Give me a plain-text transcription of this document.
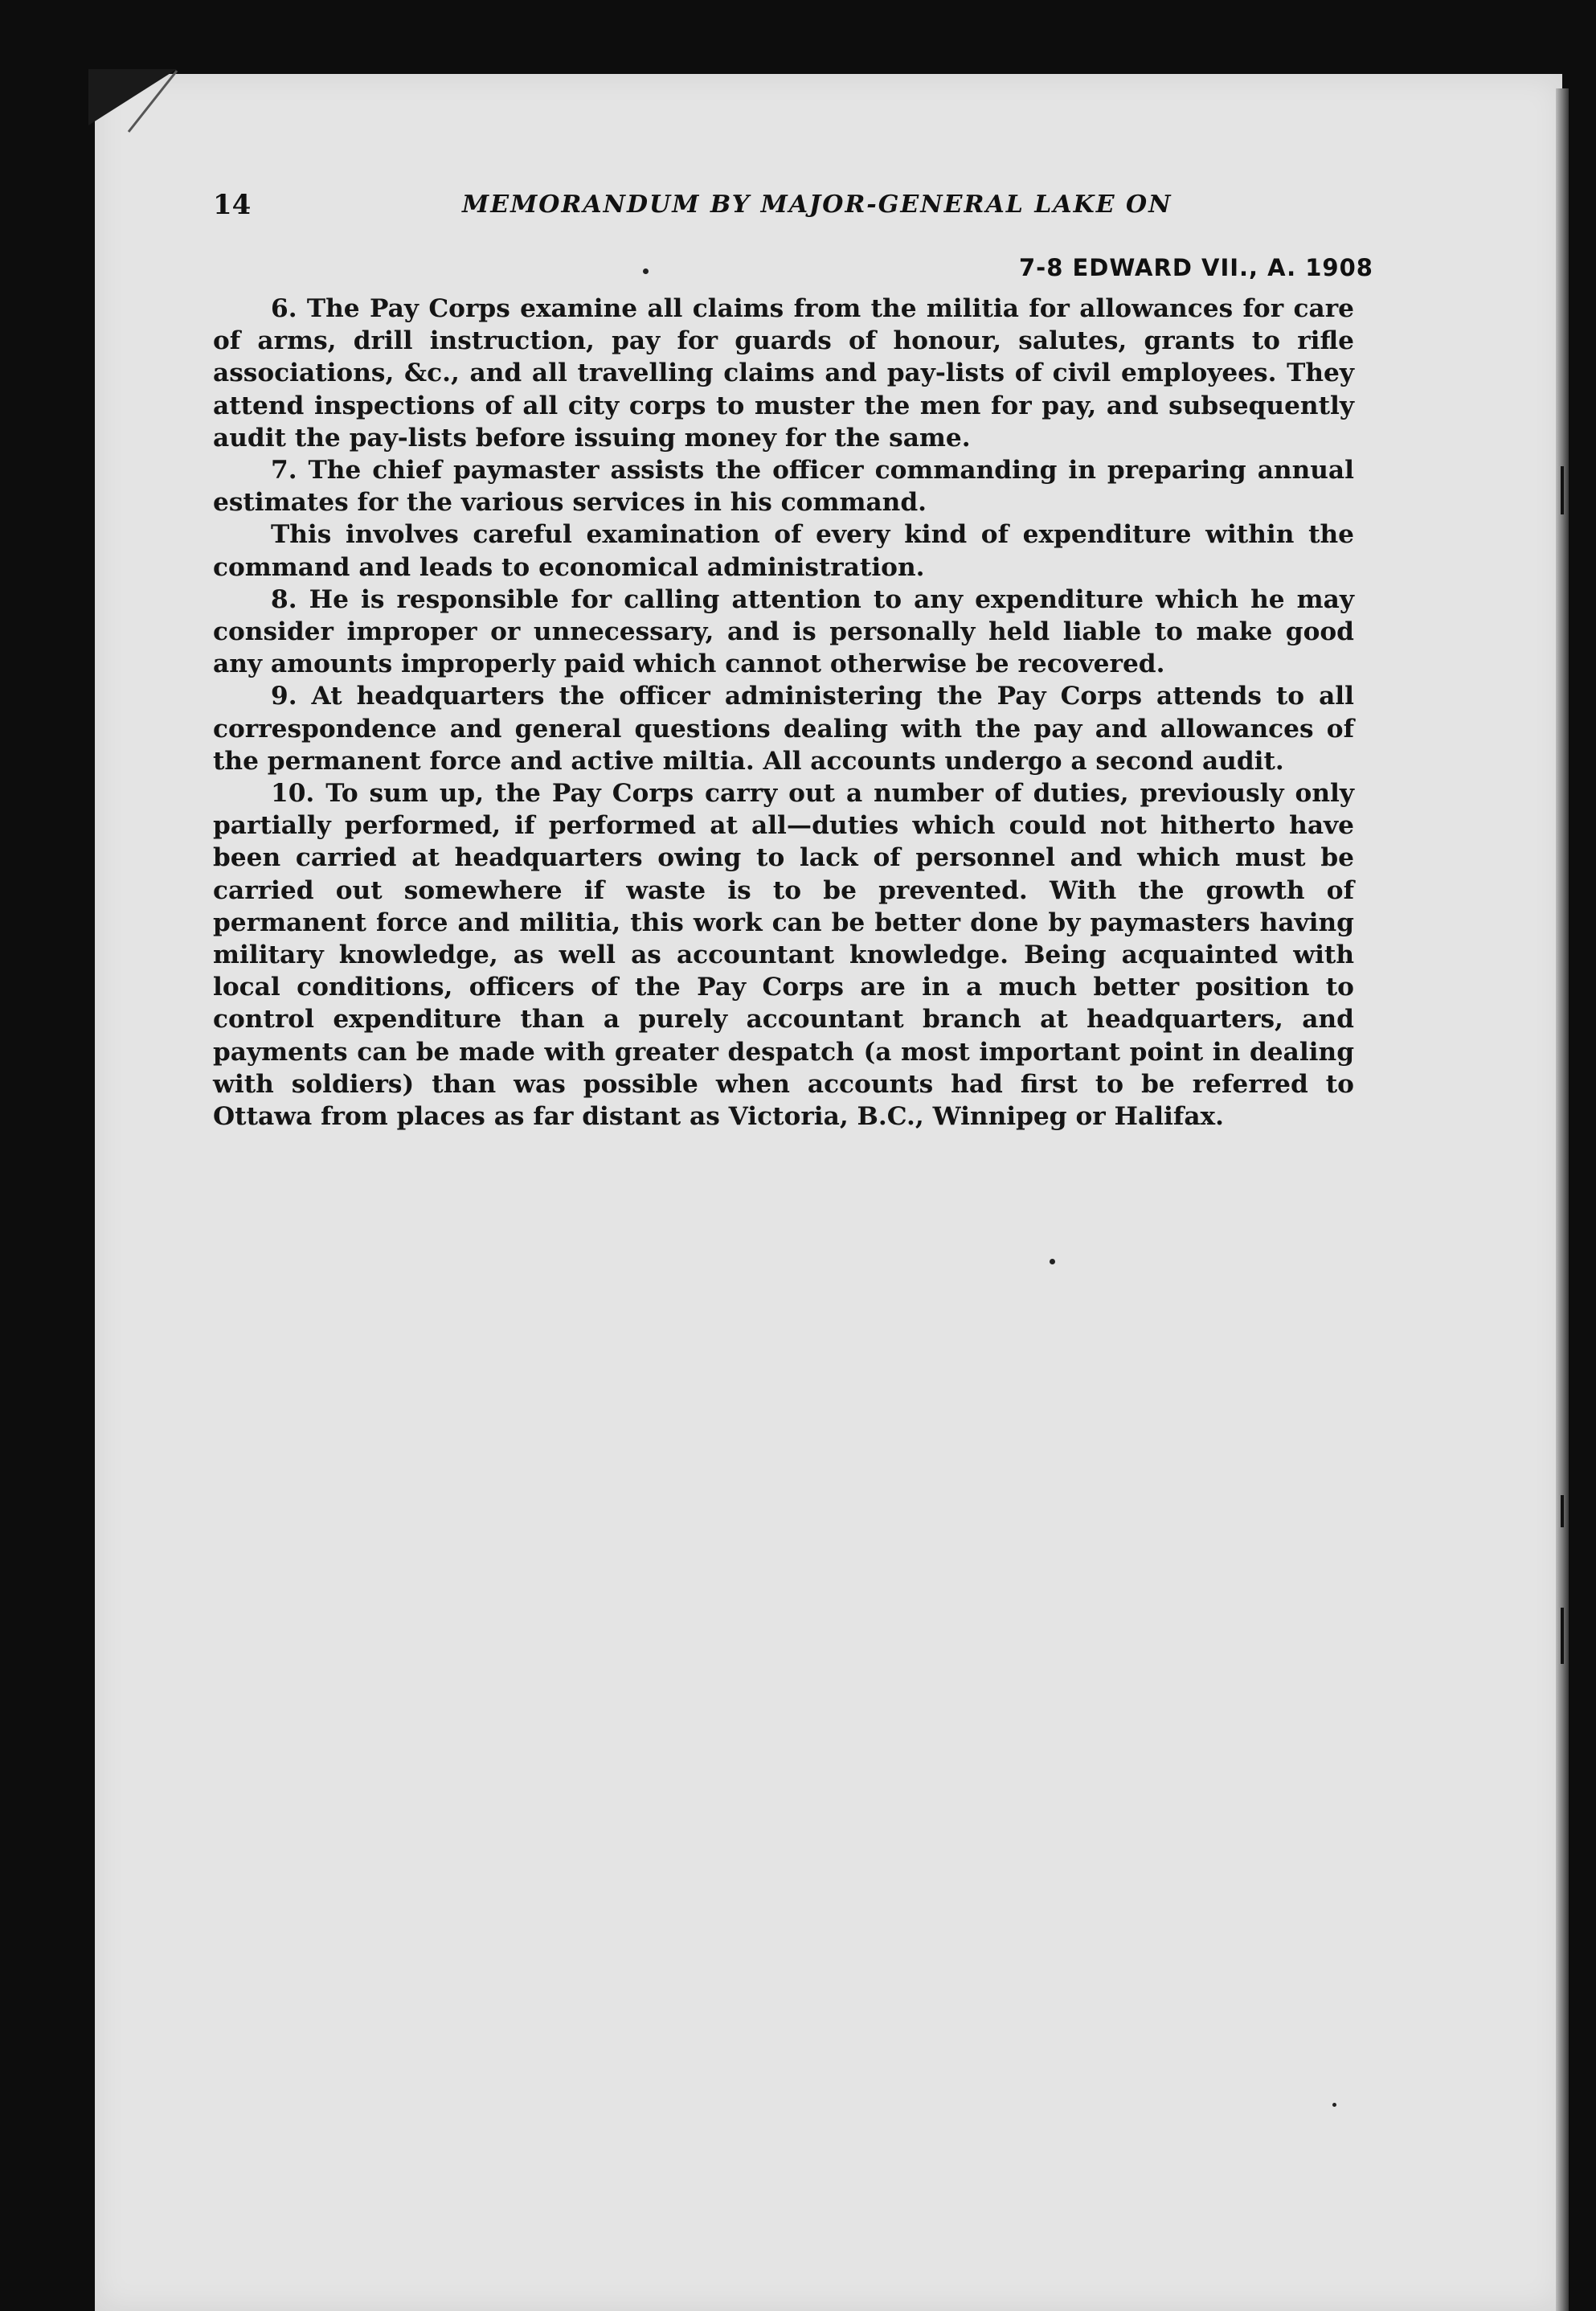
14	MEMORANDUM BY MAJOR-GENERAL LAKE ON
7-8 EDWARD VII., A. 1908

6. The Pay Corps examine all claims from the militia for allowances for care of arms, drill instruction, pay for guards of honour, salutes, grants to rifle associations, &c., and all travelling claims and pay-lists of civil employees. They attend inspections of all city corps to muster the men for pay, and subsequently audit the pay-lists before issuing money for the same.

7. The chief paymaster assists the officer commanding in preparing annual estimates for the various services in his command.

This involves careful examination of every kind of expenditure within the command and leads to economical administration.

8. He is responsible for calling attention to any expenditure which he may consider improper or unnecessary, and is personally held liable to make good any amounts improperly paid which cannot otherwise be recovered.

9. At headquarters the officer administering the Pay Corps attends to all correspondence and general questions dealing with the pay and allowances of the permanent force and active miltia. All accounts undergo a second audit.

10. To sum up, the Pay Corps carry out a number of duties, previously only partially performed, if performed at all—duties which could not hitherto have been carried at headquarters owing to lack of personnel and which must be carried out somewhere if waste is to be prevented. With the growth of permanent force and militia, this work can be better done by paymasters having military knowledge, as well as accountant knowledge. Being acquainted with local conditions, officers of the Pay Corps are in a much better position to control expenditure than a purely accountant branch at headquarters, and payments can be made with greater despatch (a most important point in dealing with soldiers) than was possible when accounts had first to be referred to Ottawa from places as far distant as Victoria, B.C., Winnipeg or Halifax.
